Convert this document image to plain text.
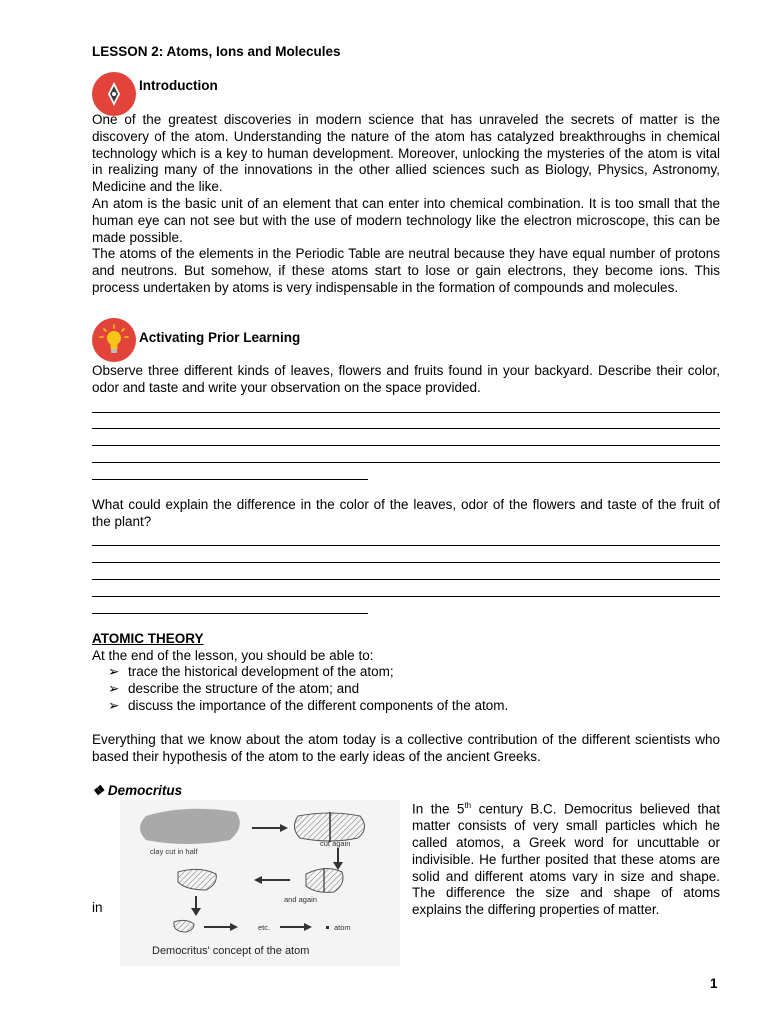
LESSON 2: Atoms, Ions and Molecules
Introduction

One of the greatest discoveries in modern science that has unraveled the secrets of matter is the discovery of the atom. Understanding the nature of the atom has catalyzed breakthroughs in chemical technology which is a key to human development. Moreover, unlocking the mysteries of the atom is vital in realizing many of the innovations in the other allied sciences such as Biology, Physics, Astronomy, Medicine and the like.

An atom is the basic unit of an element that can enter into chemical combination. It is too small that the human eye can not see but with the use of modern technology like the electron microscope, this can be made possible.

The atoms of the elements in the Periodic Table are neutral because they have equal number of protons and neutrons. But somehow, if these atoms start to lose or gain electrons, they become ions. This process undertaken by atoms is very indispensable in the formation of compounds and molecules.

Activating Prior Learning
Observe three different kinds of leaves, flowers and fruits found in your backyard. Describe their color, odor and taste and write your observation on the space provided.
What could explain the difference in the color of the leaves, odor of the flowers and taste of the fruit of the plant?
ATOMIC THEORY
At the end of the lesson, you should be able to:
➢ trace the historical development of the atom;
➢ describe the structure of the atom; and
➢ discuss the importance of the different components of the atom.
Everything that we know about the atom today is a collective contribution of the different scientists who based their hypothesis of the atom to the early ideas of the ancient Greeks.
❖ Democritus
in
clay cut in half
cut again
and again
etc.	atom
Democritus' concept of the atom
In the 5th century B.C. Democritus believed that matter consists of very small particles which he called atomos, a Greek word for uncuttable or indivisible. He further posited that these atoms are solid and different atoms vary in size and shape. The difference the size and shape of atoms explains the differing properties of matter.
1
